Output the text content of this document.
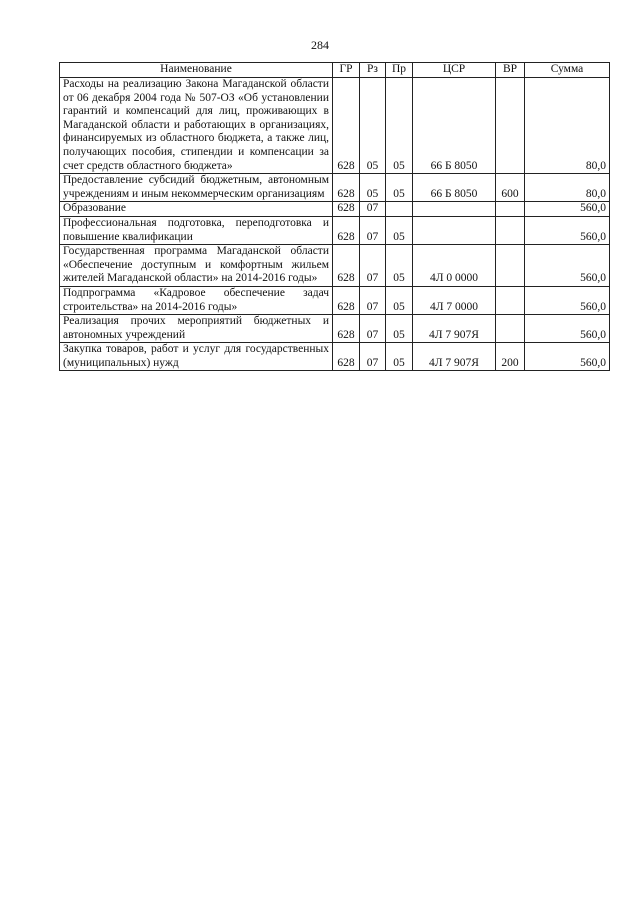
284
Наименование	ГР	Рз	Пр	ЦСР	ВР	Сумма
Расходы на реализацию Закона Магаданской области от 06 декабря 2004 года № 507-ОЗ «Об установлении гарантий и компенсаций для лиц, проживающих в Магаданской области и работающих в организациях, финансируемых из областного бюджета, а также лиц, получающих пособия, стипендии и компенсации за счет средств областного бюджета»	628	05	05	66 Б 8050		80,0
Предоставление субсидий бюджетным, автономным учреждениям и иным некоммерческим организациям	628	05	05	66 Б 8050	600	80,0
Образование	628	07				560,0
Профессиональная подготовка, переподготовка и повышение квалификации	628	07	05			560,0
Государственная программа Магаданской области «Обеспечение доступным и комфортным жильем жителей Магаданской области» на 2014-2016 годы»	628	07	05	4Л 0 0000		560,0
Подпрограмма «Кадровое обеспечение задач строительства» на 2014-2016 годы»	628	07	05	4Л 7 0000		560,0
Реализация прочих мероприятий бюджетных и автономных учреждений	628	07	05	4Л 7 907Я		560,0
Закупка товаров, работ и услуг для государственных (муниципальных) нужд	628	07	05	4Л 7 907Я	200	560,0
